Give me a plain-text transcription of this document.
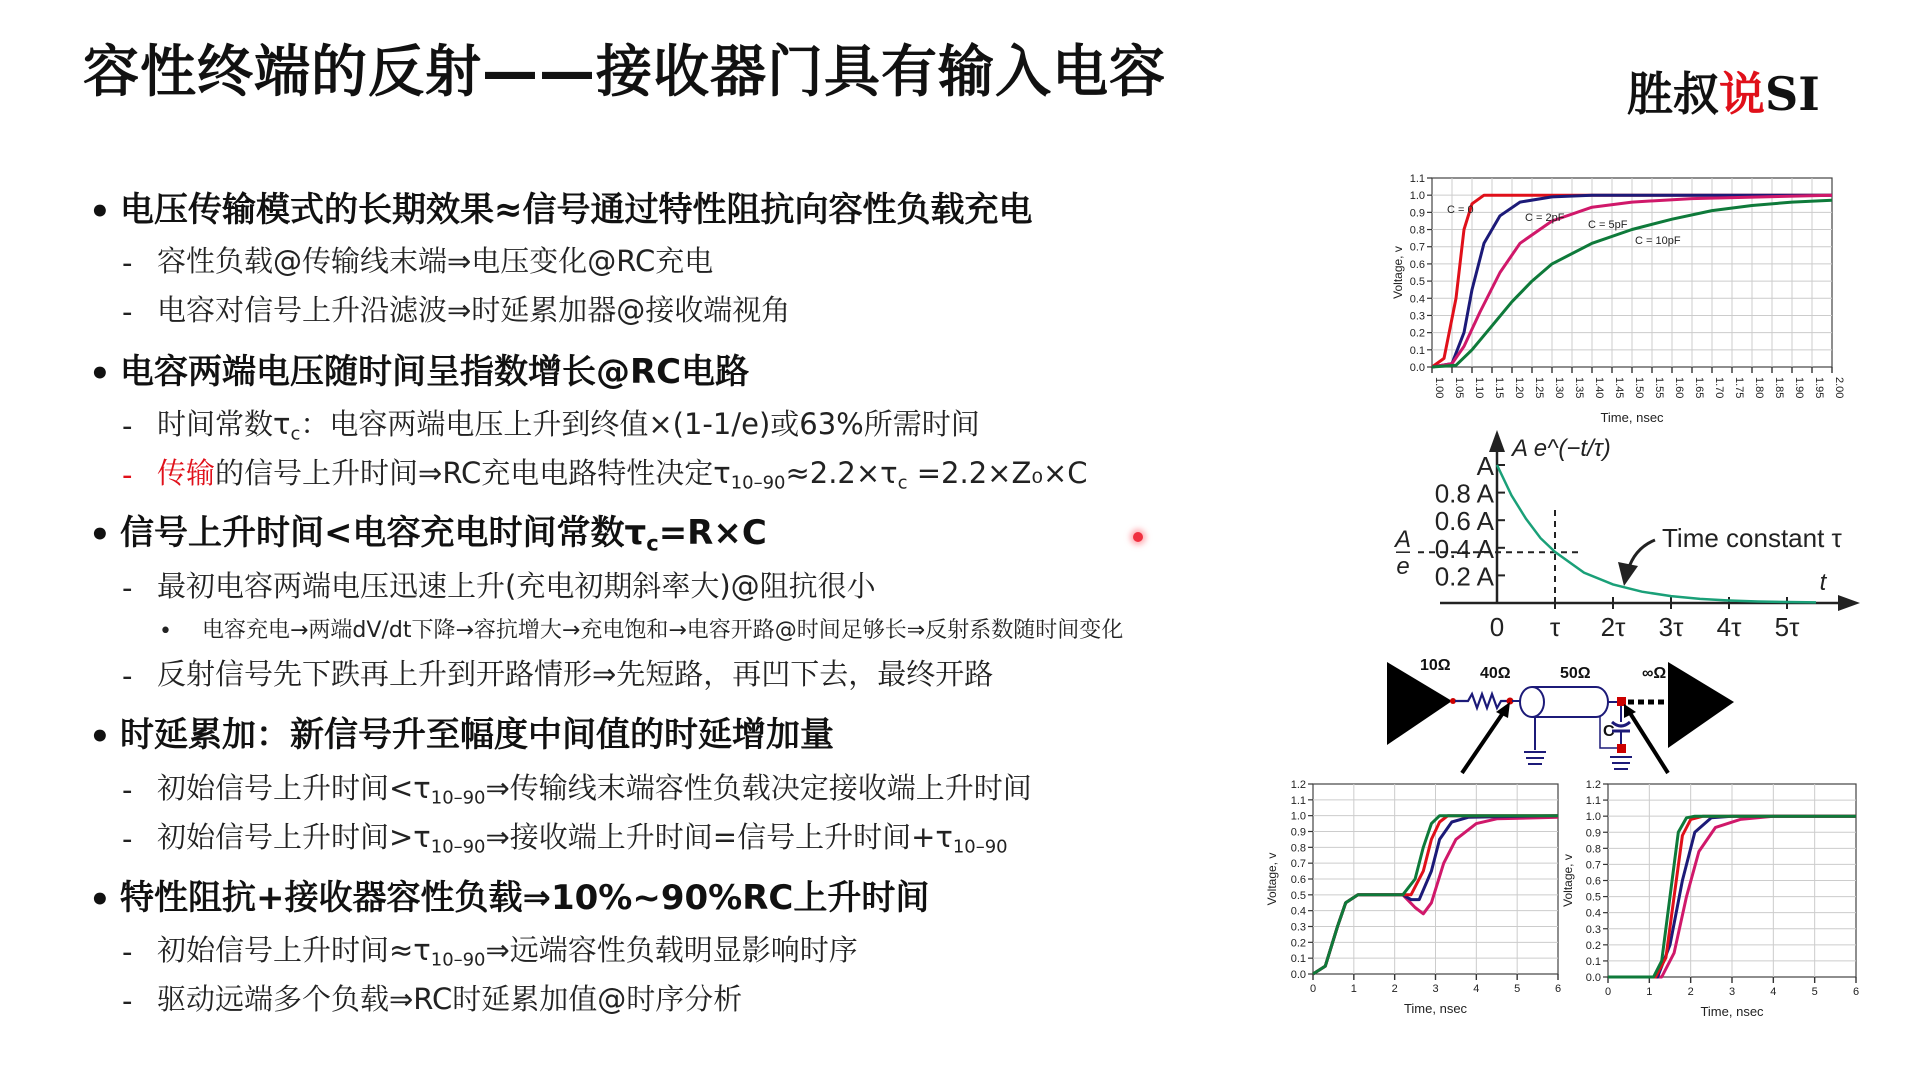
容性终端的反射——接收器门具有输入电容	胜叔说SI
• 电压传输模式的长期效果≈信号通过特性阻抗向容性负载充电
- 容性负载@传输线末端⇒电压变化@RC充电
- 电容对信号上升沿滤波⇒时延累加器@接收端视角
• 电容两端电压随时间呈指数增长@RC电路
- 时间常数$\tau_c$：电容两端电压上升到终值×(1-1/e)或63%所需时间
- 传输的信号上升时间⇒RC充电电路特性决定$\tau_{10-90}\approx 2.2\times\tau_c =2.2\times Z_0\times C$
• 信号上升时间<电容充电时间常数$\tau_c=R\times C$
- 最初电容两端电压迅速上升(充电初期斜率大)@阻抗很小
• 电容充电→两端dV/dt下降→容抗增大→充电饱和→电容开路@时间足够长⇒反射系数随时间变化
- 反射信号先下跌再上升到开路情形⇒先短路，再凹下去，最终开路
• 时延累加：新信号升至幅度中间值的时延增加量
- 初始信号上升时间$<\tau_{10-90}\Rightarrow$传输线末端容性负载决定接收端上升时间
- 初始信号上升时间$>\tau_{10-90}\Rightarrow$接收端上升时间=信号上升时间$+\tau_{10-90}$
• 特性阻抗+接收器容性负载⇒10%~90%RC上升时间
- 初始信号上升时间$\approx\tau_{10-90}\Rightarrow$远端容性负载明显影响时序
- 驱动远端多个负载⇒RC时延累加值@时序分析
1.00 1.05 1.10 1.15 1.20 1.25 1.30 1.35 1.40 1.45 1.50 1.55 1.60 1.65 1.70 1.75 1.80 1.85 1.90 1.95 2.00
0.0
0.1
0.2
0.3
0.4
0.5
0.6
0.7
0.8
0.9
1.0
1.1
Voltage, v
Time, nsec
C = 0
C = 2pF
C = 5pF
C = 10pF
0 τ 2τ 3τ 4τ 5τ
A
0.8 A
0.6 A
0.4 A
0.2 A
A e^(−t/τ)
A
e
t
Time constant τ
10Ω 40Ω	50Ω	∞Ω
C
0	1	2	3	4	5	6
0.0
0.1
0.2
0.3
0.4
0.5
0.6
0.7
0.8
0.9
1.0
1.1
1.2
Voltage, v
Time, nsec
0	1	2	3	4	5	6
0.0
0.1
0.2
0.3
0.4
0.5
0.6
0.7
0.8
0.9
1.0
1.1
1.2
Voltage, v
Time, nsec
